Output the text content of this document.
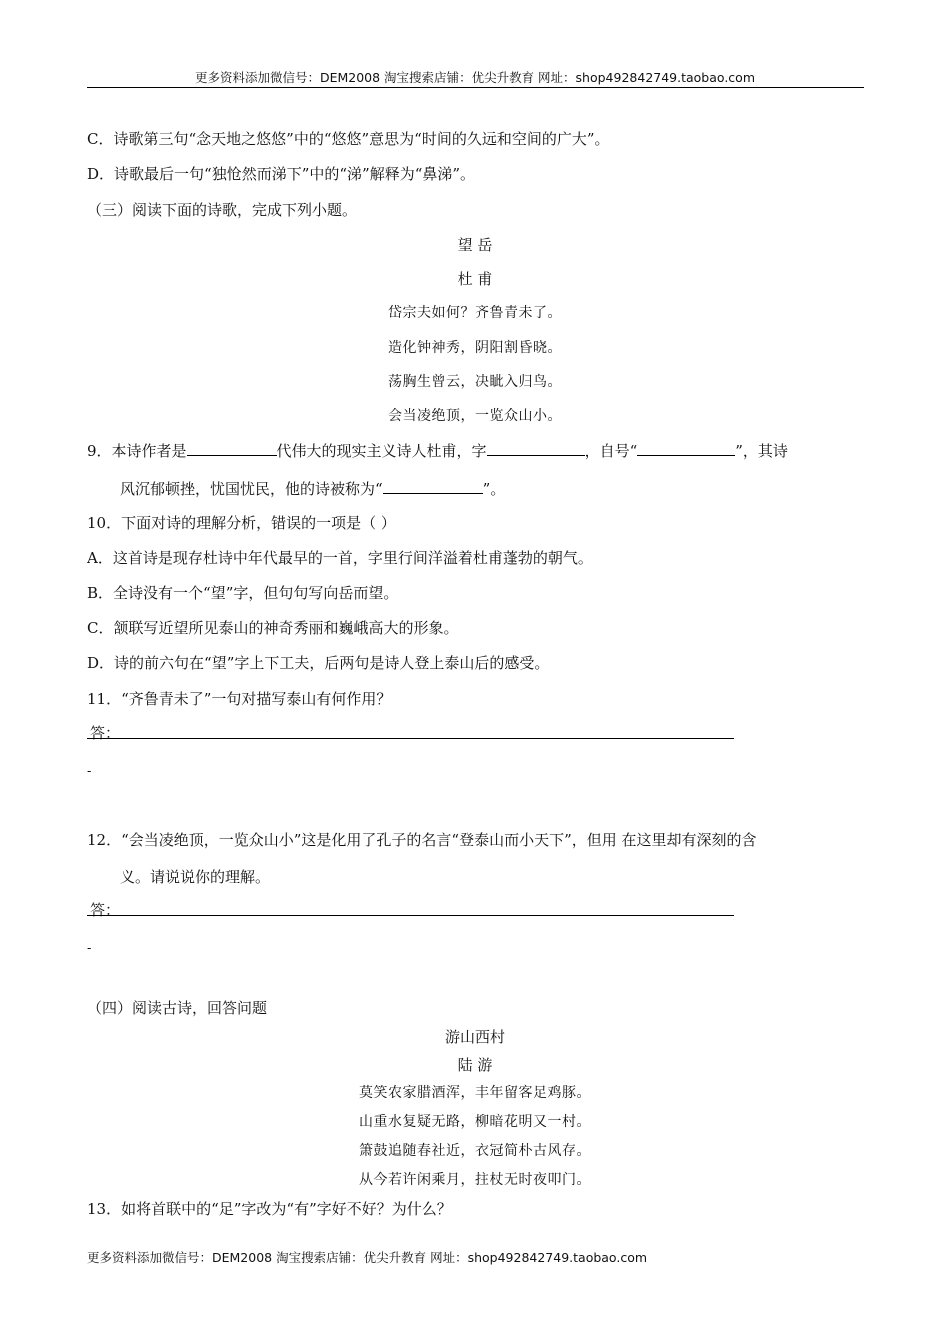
更多资料添加微信号：DEM2008 淘宝搜索店铺：优尖升教育 网址：shop492842749.taobao.com
C．诗歌第三句“念天地之悠悠”中的“悠悠”意思为“时间的久远和空间的广大”。
D．诗歌最后一句“独怆然而涕下”中的“涕”解释为“鼻涕”。
（三）阅读下面的诗歌，完成下列小题。
望 岳
杜 甫
岱宗夫如何？齐鲁青未了。
造化钟神秀，阴阳割昏晓。
荡胸生曾云，决眦入归鸟。
会当凌绝顶，一览众山小。
9．本诗作者是	代伟大的现实主义诗人杜甫，字	，自号“	”，其诗
风沉郁顿挫，忧国忧民，他的诗被称为“	”。
10．下面对诗的理解分析，错误的一项是（ ）
A．这首诗是现存杜诗中年代最早的一首，字里行间洋溢着杜甫蓬勃的朝气。
B．全诗没有一个“望”字，但句句写向岳而望。
C．颔联写近望所见泰山的神奇秀丽和巍峨高大的形象。
D．诗的前六句在“望”字上下工夫，后两句是诗人登上泰山后的感受。
11．“齐鲁青未了”一句对描写泰山有何作用？
答：
-
12．“会当凌绝顶，一览众山小”这是化用了孔子的名言“登泰山而小天下”，但用 在这里却有深刻的含
义。请说说你的理解。
答：
-
（四）阅读古诗，回答问题
游山西村
陆 游
莫笑农家腊酒浑，丰年留客足鸡豚。
山重水复疑无路，柳暗花明又一村。
箫鼓追随春社近，衣冠简朴古风存。
从今若许闲乘月，拄杖无时夜叩门。
13．如将首联中的“足”字改为“有”字好不好？为什么？
更多资料添加微信号：DEM2008 淘宝搜索店铺：优尖升教育 网址：shop492842749.taobao.com
